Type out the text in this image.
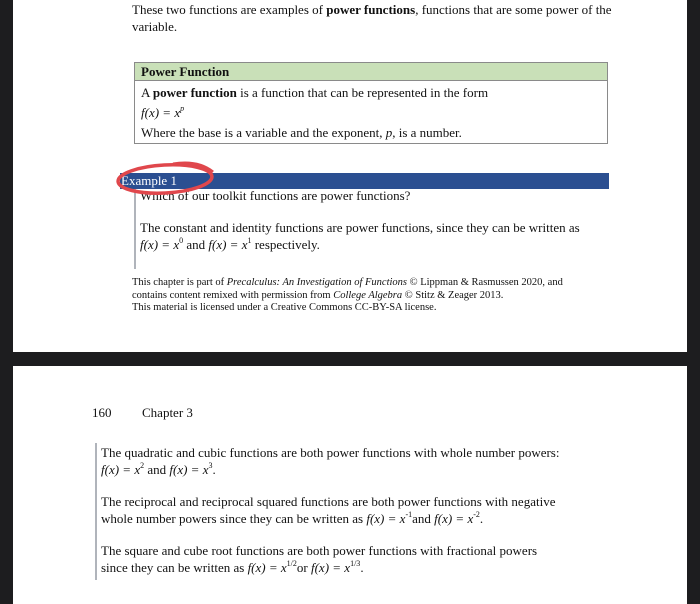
These two functions are examples of power functions, functions that are some power of the variable.
Power Function
A power function is a function that can be represented in the form
$f(x) = x^p$
Where the base is a variable and the exponent, p, is a number.
Example 1
Which of our toolkit functions are power functions?
The constant and identity functions are power functions, since they can be written as
$f(x) = x^0$ and $f(x) = x^1$ respectively.
This chapter is part of Precalculus: An Investigation of Functions © Lippman & Rasmussen 2020, and
contains content remixed with permission from College Algebra © Stitz & Zeager 2013.
This material is licensed under a Creative Commons CC-BY-SA license.
160 Chapter 3
The quadratic and cubic functions are both power functions with whole number powers:
$f(x) = x^2$ and $f(x) = x^3$.
The reciprocal and reciprocal squared functions are both power functions with negative
whole number powers since they can be written as $f(x) = x^{-1}and$ $f(x) = x^{-2}$.
The square and cube root functions are both power functions with fractional powers
since they can be written as $f(x) = x^{1/2}or$ $f(x) = x^{1/3}$.
